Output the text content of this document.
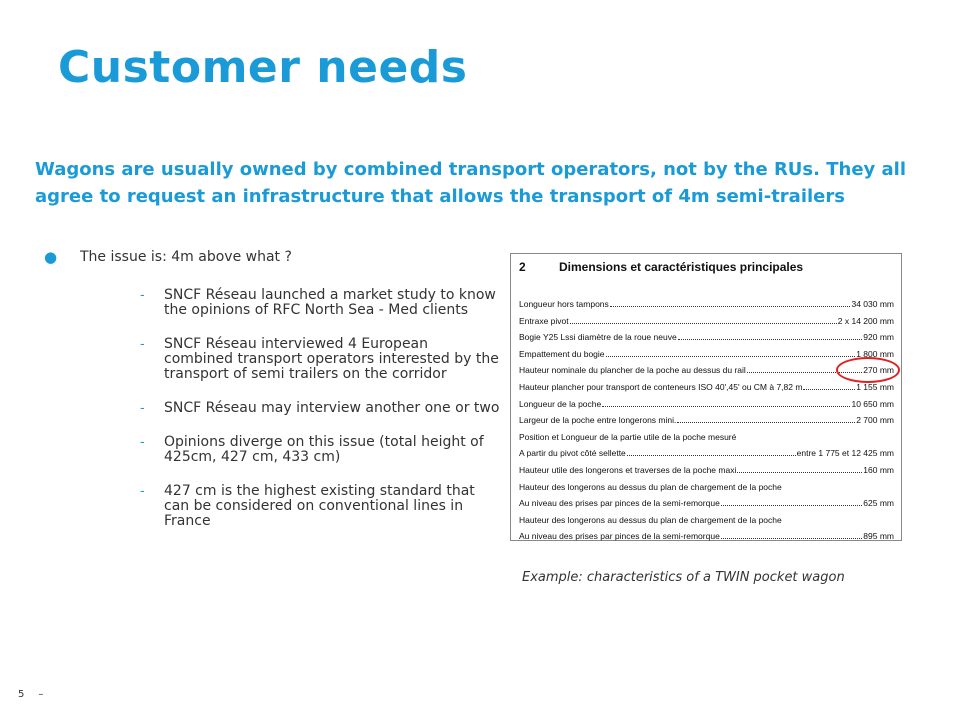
Customer needs
Wagons are usually owned by combined transport operators, not by the RUs. They all agree to request an infrastructure that allows the transport of 4m semi-trailers
● The issue is: 4m above what ?
- SNCF Réseau launched a market study to know the opinions of RFC North Sea - Med clients
- SNCF Réseau interviewed 4 European combined transport operators interested by the transport of semi trailers on the corridor
- SNCF Réseau may interview another one or two
- Opinions diverge on this issue (total height of 425cm, 427 cm, 433 cm)
- 427 cm is the highest existing standard that can be considered on conventional lines in France
2	Dimensions et caractéristiques principales
Longueur hors tampons	34 030 mm
Entraxe pivot	2 x 14 200 mm
Bogie Y25 Lssi diamètre de la roue neuve	920 mm
Empattement du bogie	1 800 mm
Hauteur nominale du plancher de la poche au dessus du rail	270 mm
Hauteur plancher pour transport de conteneurs ISO 40',45' ou CM à 7,82 m	1 155 mm
Longueur de la poche	10 650 mm
Largeur de la poche entre longerons mini.	2 700 mm
Position et Longueur de la partie utile de la poche mesuré
A partir du pivot côté sellette	entre 1 775 et 12 425 mm
Hauteur utile des longerons et traverses de la poche maxi	160 mm
Hauteur des longerons au dessus du plan de chargement de la poche
Au niveau des prises par pinces de la semi-remorque	625 mm
Hauteur des longerons au dessus du plan de chargement de la poche
Au niveau des prises par pinces de la semi-remorque	895 mm
Example: characteristics of a TWIN pocket wagon
5 –
